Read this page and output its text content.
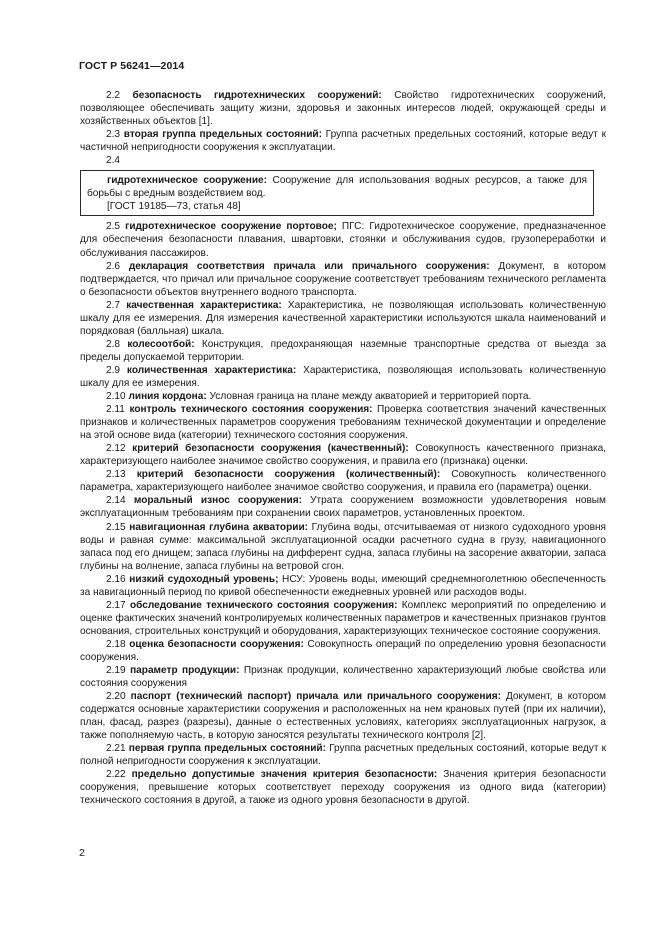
ГОСТ Р 56241—2014

2.2 безопасность гидротехнических сооружений: Свойство гидротехнических сооружений, позволяющее обеспечивать защиту жизни, здоровья и законных интересов людей, окружающей среды и хозяйственных объектов [1].

2.3 вторая группа предельных состояний: Группа расчетных предельных состояний, которые ведут к частичной непригодности сооружения к эксплуатации.

2.4

гидротехническое сооружение: Сооружение для использования водных ресурсов, а также для борьбы с вредным воздействием вод.

[ГОСТ 19185—73, статья 48]

2.5 гидротехническое сооружение портовое; ПГС: Гидротехническое сооружение, предназначенное для обеспечения безопасности плавания, швартовки, стоянки и обслуживания судов, грузопереработки и обслуживания пассажиров.

2.6 декларация соответствия причала или причального сооружения: Документ, в котором подтверждается, что причал или причальное сооружение соответствует требованиям технического регламента о безопасности объектов внутреннего водного транспорта.

2.7 качественная характеристика: Характеристика, не позволяющая использовать количественную шкалу для ее измерения. Для измерения качественной характеристики используются шкала наименований и порядковая (балльная) шкала.

2.8 колесоотбой: Конструкция, предохраняющая наземные транспортные средства от выезда за пределы допускаемой территории.

2.9 количественная характеристика: Характеристика, позволяющая использовать количественную шкалу для ее измерения.

2.10 линия кордона: Условная граница на плане между акваторией и территорией порта.

2.11 контроль технического состояния сооружения: Проверка соответствия значений качественных признаков и количественных параметров сооружения требованиям технической документации и определение на этой основе вида (категории) технического состояния сооружения.

2.12 критерий безопасности сооружения (качественный): Совокупность качественного признака, характеризующего наиболее значимое свойство сооружения, и правила его (признака) оценки.

2.13 критерий безопасности сооружения (количественный): Совокупность количественного параметра, характеризующего наиболее значимое свойство сооружения, и правила его (параметра) оценки.

2.14 моральный износ сооружения: Утрата сооружением возможности удовлетворения новым эксплуатационным требованиям при сохранении своих параметров, установленных проектом.

2.15 навигационная глубина акватории: Глубина воды, отсчитываемая от низкого судоходного уровня воды и равная сумме: максимальной эксплуатационной осадки расчетного судна в грузу, навигационного запаса под его днищем; запаса глубины на дифферент судна, запаса глубины на засорение акватории, запаса глубины на волнение, запаса глубины на ветровой сгон.

2.16 низкий судоходный уровень; НСУ: Уровень воды, имеющий среднемноголетнюю обеспеченность за навигационный период по кривой обеспеченности ежедневных уровней или расходов воды.

2.17 обследование технического состояния сооружения: Комплекс мероприятий по определению и оценке фактических значений контролируемых количественных параметров и качественных признаков грунтов основания, строительных конструкций и оборудования, характеризующих техническое состояние сооружения.

2.18 оценка безопасности сооружения: Совокупность операций по определению уровня безопасности сооружения.

2.19 параметр продукции: Признак продукции, количественно характеризующий любые свойства или состояния сооружения

2.20 паспорт (технический паспорт) причала или причального сооружения: Документ, в котором содержатся основные характеристики сооружения и расположенных на нем крановых путей (при их наличии), план, фасад, разрез (разрезы), данные о естественных условиях, категориях эксплуатационных нагрузок, а также пополняемую часть, в которую заносятся результаты технического контроля [2].

2.21 первая группа предельных состояний: Группа расчетных предельных состояний, которые ведут к полной непригодности сооружения к эксплуатации.

2.22 предельно допустимые значения критерия безопасности: Значения критерия безопасности сооружения, превышение которых соответствует переходу сооружения из одного вида (категории) технического состояния в другой, а также из одного уровня безопасности в другой.

2
